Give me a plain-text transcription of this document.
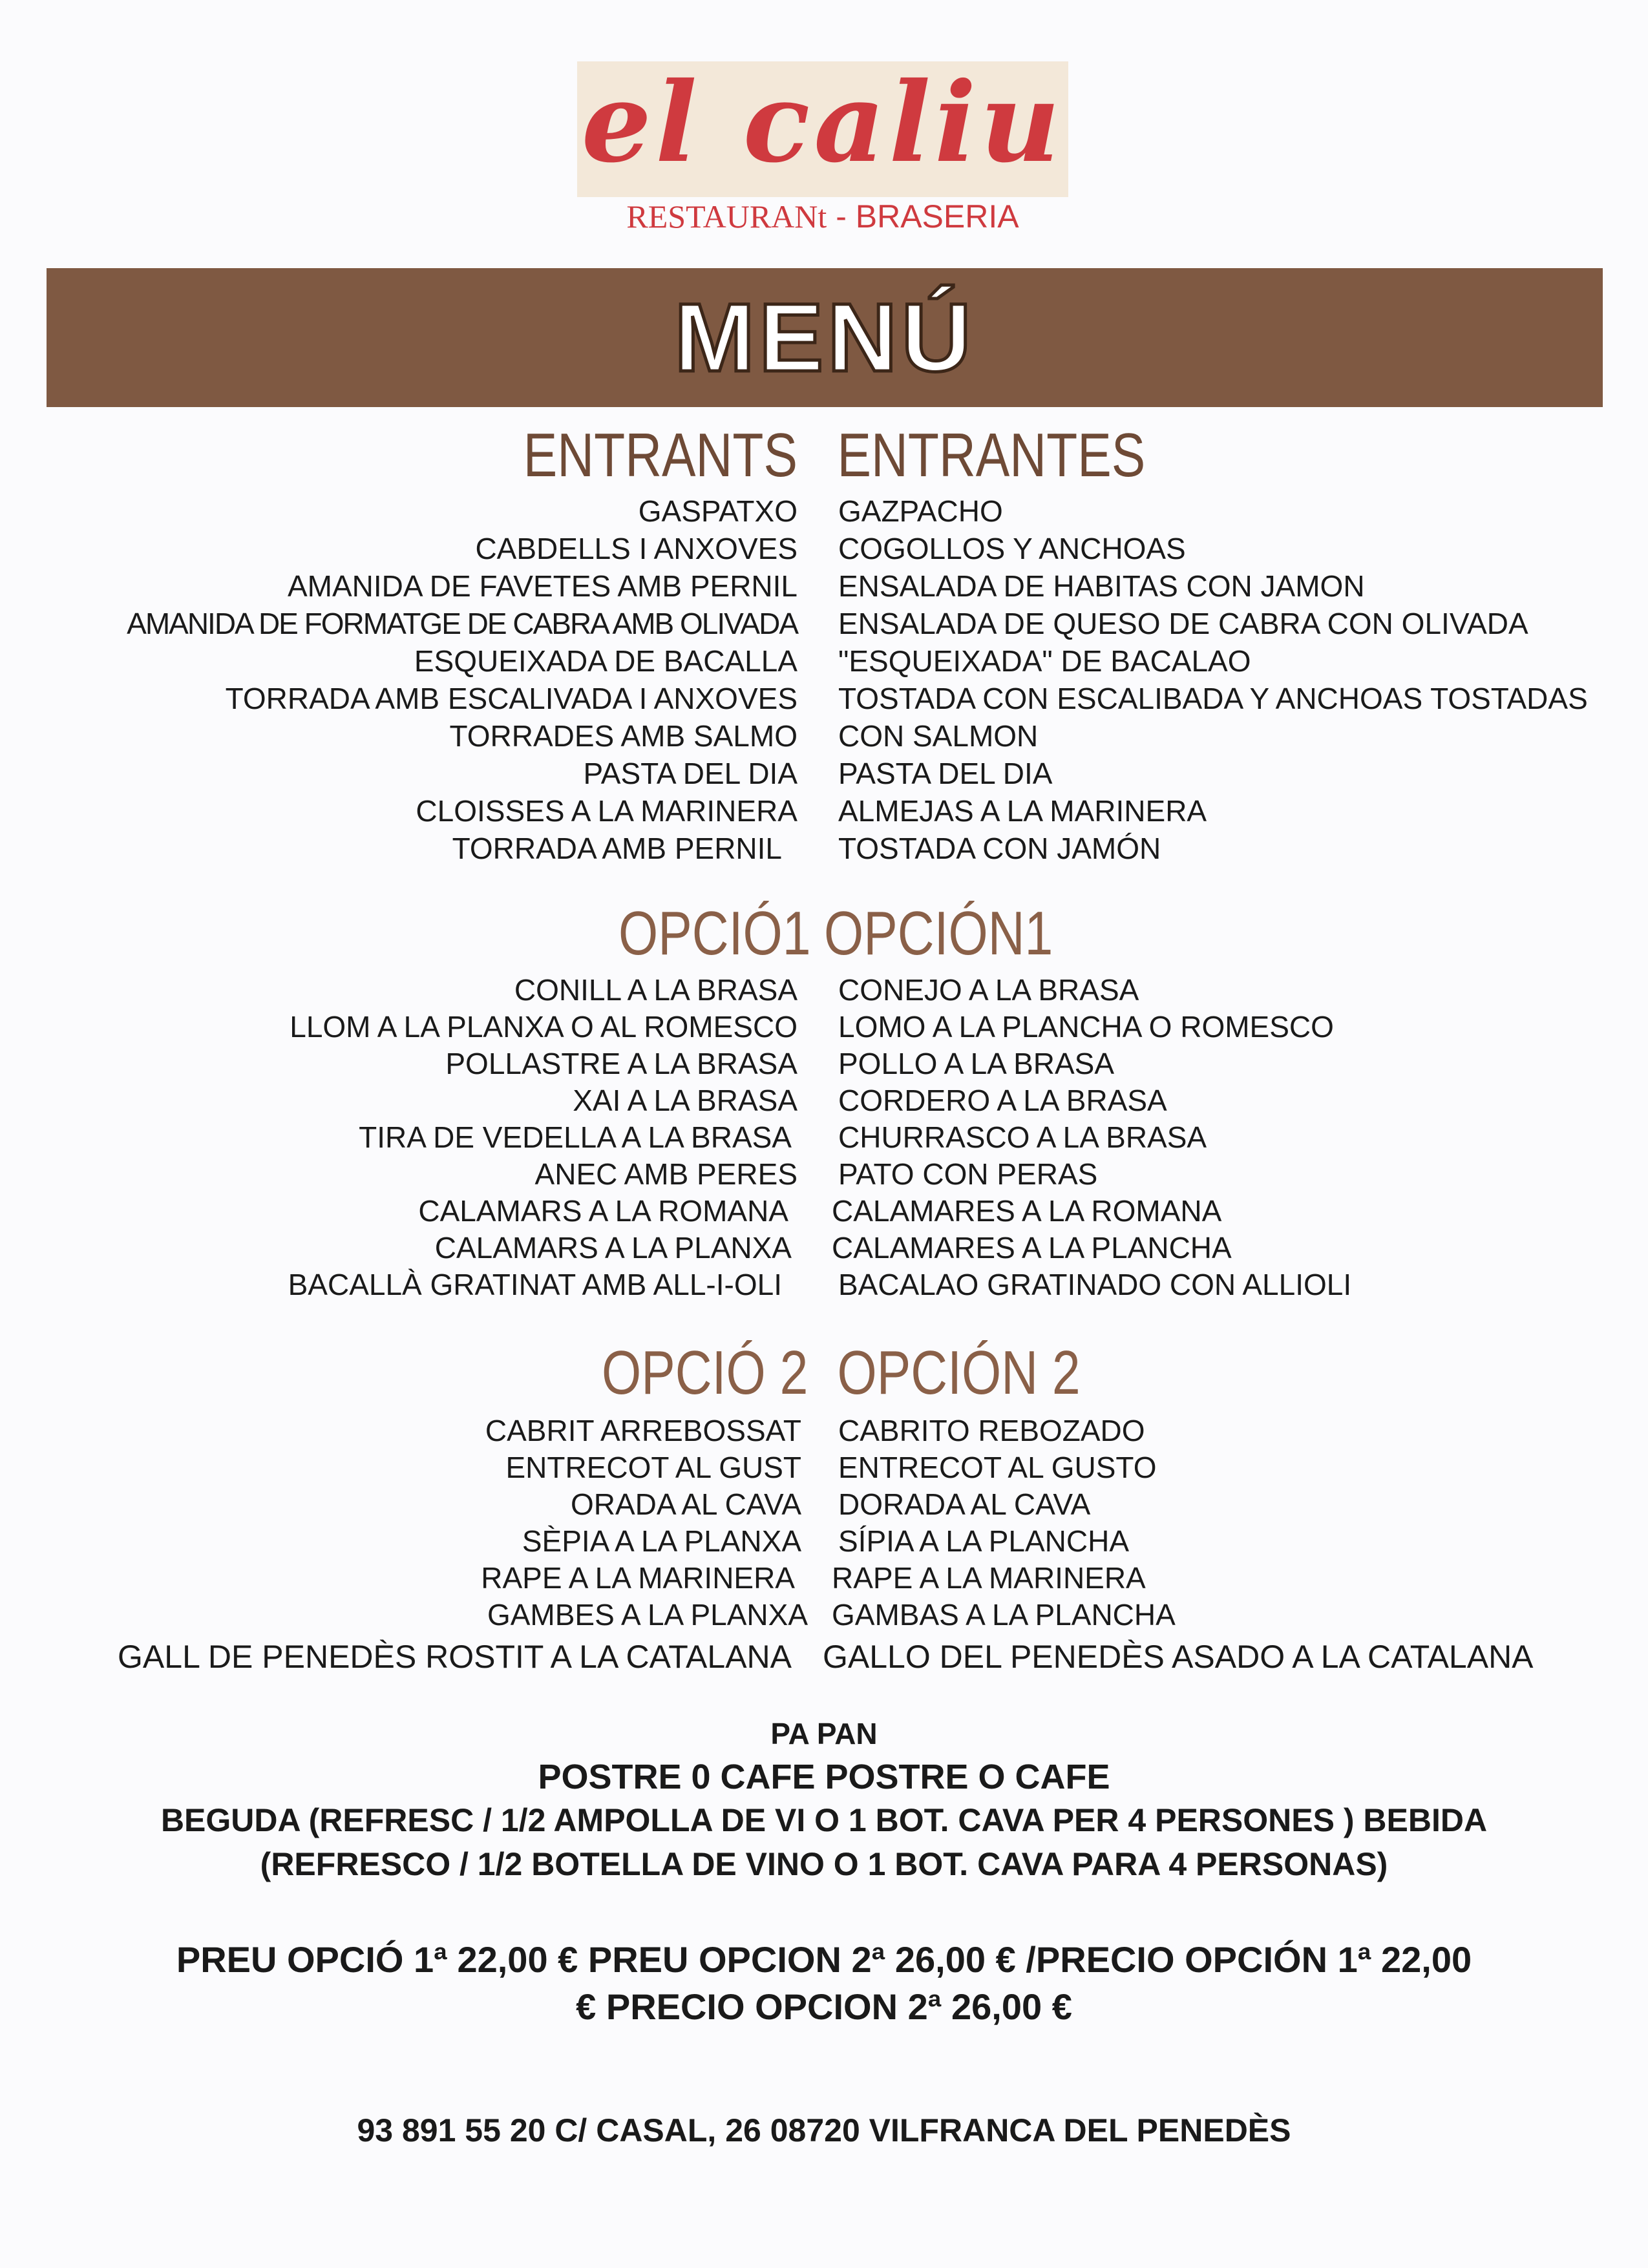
el caliu
RESTAURANt - BRASERIA
MENÚ
ENTRANTS ENTRANTES
GASPATXO GAZPACHO
CABDELLS I ANXOVES COGOLLOS Y ANCHOAS
AMANIDA DE FAVETES AMB PERNIL ENSALADA DE HABITAS CON JAMON
AMANIDA DE FORMATGE DE CABRA AMB OLIVADA ENSALADA DE QUESO DE CABRA CON OLIVADA
ESQUEIXADA DE BACALLA "ESQUEIXADA" DE BACALAO
TORRADA AMB ESCALIVADA I ANXOVES TOSTADA CON ESCALIBADA Y ANCHOAS TOSTADAS
TORRADES AMB SALMO CON SALMON
PASTA DEL DIA PASTA DEL DIA
CLOISSES A LA MARINERA ALMEJAS A LA MARINERA
TORRADA AMB PERNIL TOSTADA CON JAMÓN
OPCIÓ1 OPCIÓN1
CONILL A LA BRASA CONEJO A LA BRASA
LLOM A LA PLANXA O AL ROMESCO LOMO A LA PLANCHA O ROMESCO
POLLASTRE A LA BRASA POLLO A LA BRASA
XAI A LA BRASA CORDERO A LA BRASA
TIRA DE VEDELLA A LA BRASA CHURRASCO A LA BRASA
ANEC AMB PERES PATO CON PERAS
CALAMARS A LA ROMANA CALAMARES A LA ROMANA
CALAMARS A LA PLANXA CALAMARES A LA PLANCHA
BACALLÀ GRATINAT AMB ALL-I-OLI BACALAO GRATINADO CON ALLIOLI
OPCIÓ 2 OPCIÓN 2
CABRIT ARREBOSSAT CABRITO REBOZADO
ENTRECOT AL GUST ENTRECOT AL GUSTO
ORADA AL CAVA DORADA AL CAVA
SÈPIA A LA PLANXA SÍPIA A LA PLANCHA
RAPE A LA MARINERA RAPE A LA MARINERA
GAMBES A LA PLANXA GAMBAS A LA PLANCHA
GALL DE PENEDÈS ROSTIT A LA CATALANA GALLO DEL PENEDÈS ASADO A LA CATALANA
PA PAN
POSTRE 0 CAFE POSTRE O CAFE
BEGUDA (REFRESC / 1/2 AMPOLLA DE VI O 1 BOT. CAVA PER 4 PERSONES ) BEBIDA
(REFRESCO / 1/2 BOTELLA DE VINO O 1 BOT. CAVA PARA 4 PERSONAS)
PREU OPCIÓ 1ª 22,00 € PREU OPCION 2ª 26,00 € /PRECIO OPCIÓN 1ª 22,00
€ PRECIO OPCION 2ª 26,00 €
93 891 55 20 C/ CASAL, 26 08720 VILFRANCA DEL PENEDÈS
